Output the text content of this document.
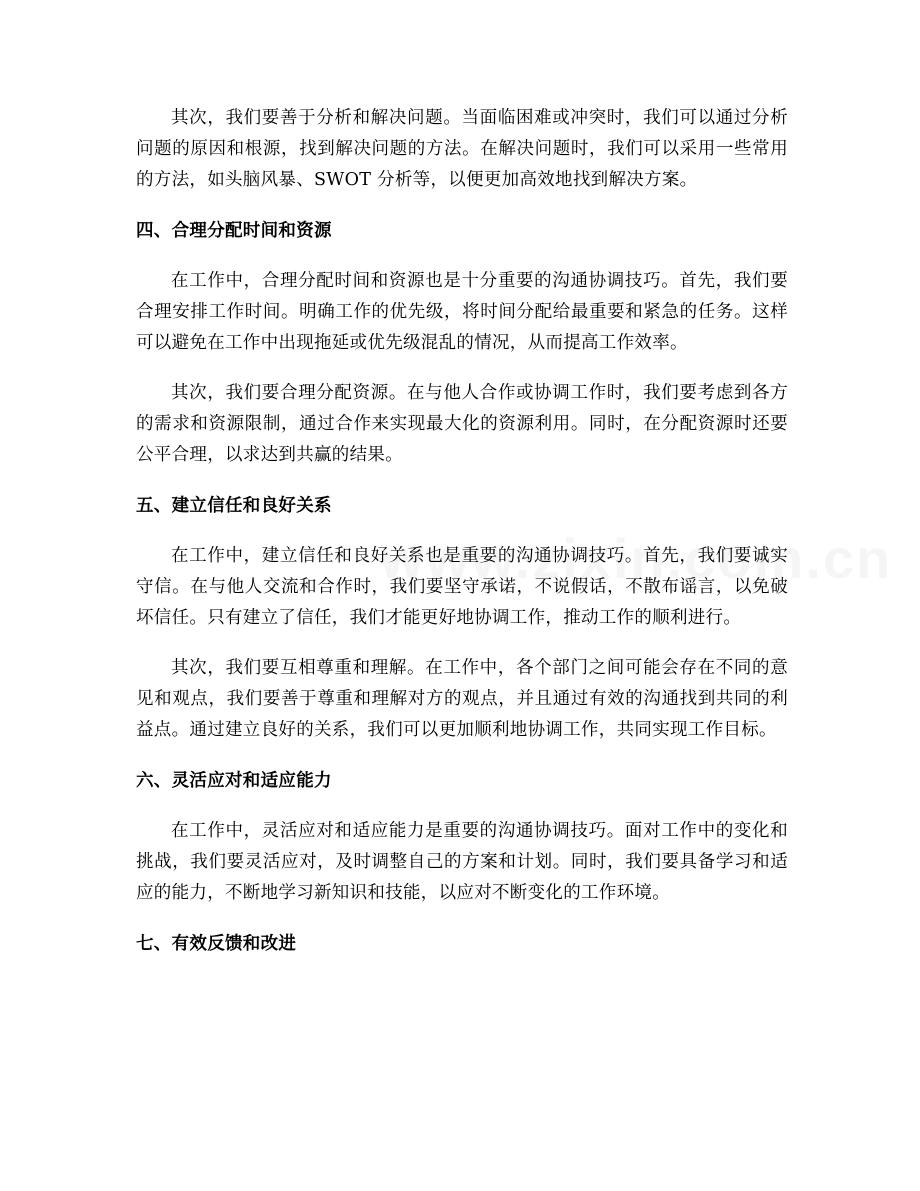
其次，我们要善于分析和解决问题。当面临困难或冲突时，我们可以通过分析问题的原因和根源，找到解决问题的方法。在解决问题时，我们可以采用一些常用的方法，如头脑风暴、SWOT 分析等，以便更加高效地找到解决方案。

四、合理分配时间和资源

在工作中，合理分配时间和资源也是十分重要的沟通协调技巧。首先，我们要合理安排工作时间。明确工作的优先级，将时间分配给最重要和紧急的任务。这样可以避免在工作中出现拖延或优先级混乱的情况，从而提高工作效率。

其次，我们要合理分配资源。在与他人合作或协调工作时，我们要考虑到各方的需求和资源限制，通过合作来实现最大化的资源利用。同时，在分配资源时还要公平合理，以求达到共赢的结果。

五、建立信任和良好关系

在工作中，建立信任和良好关系也是重要的沟通协调技巧。首先，我们要诚实守信。在与他人交流和合作时，我们要坚守承诺，不说假话，不散布谣言，以免破坏信任。只有建立了信任，我们才能更好地协调工作，推动工作的顺利进行。

其次，我们要互相尊重和理解。在工作中，各个部门之间可能会存在不同的意见和观点，我们要善于尊重和理解对方的观点，并且通过有效的沟通找到共同的利益点。通过建立良好的关系，我们可以更加顺利地协调工作，共同实现工作目标。

六、灵活应对和适应能力

在工作中，灵活应对和适应能力是重要的沟通协调技巧。面对工作中的变化和挑战，我们要灵活应对，及时调整自己的方案和计划。同时，我们要具备学习和适应的能力，不断地学习新知识和技能，以应对不断变化的工作环境。

七、有效反馈和改进
